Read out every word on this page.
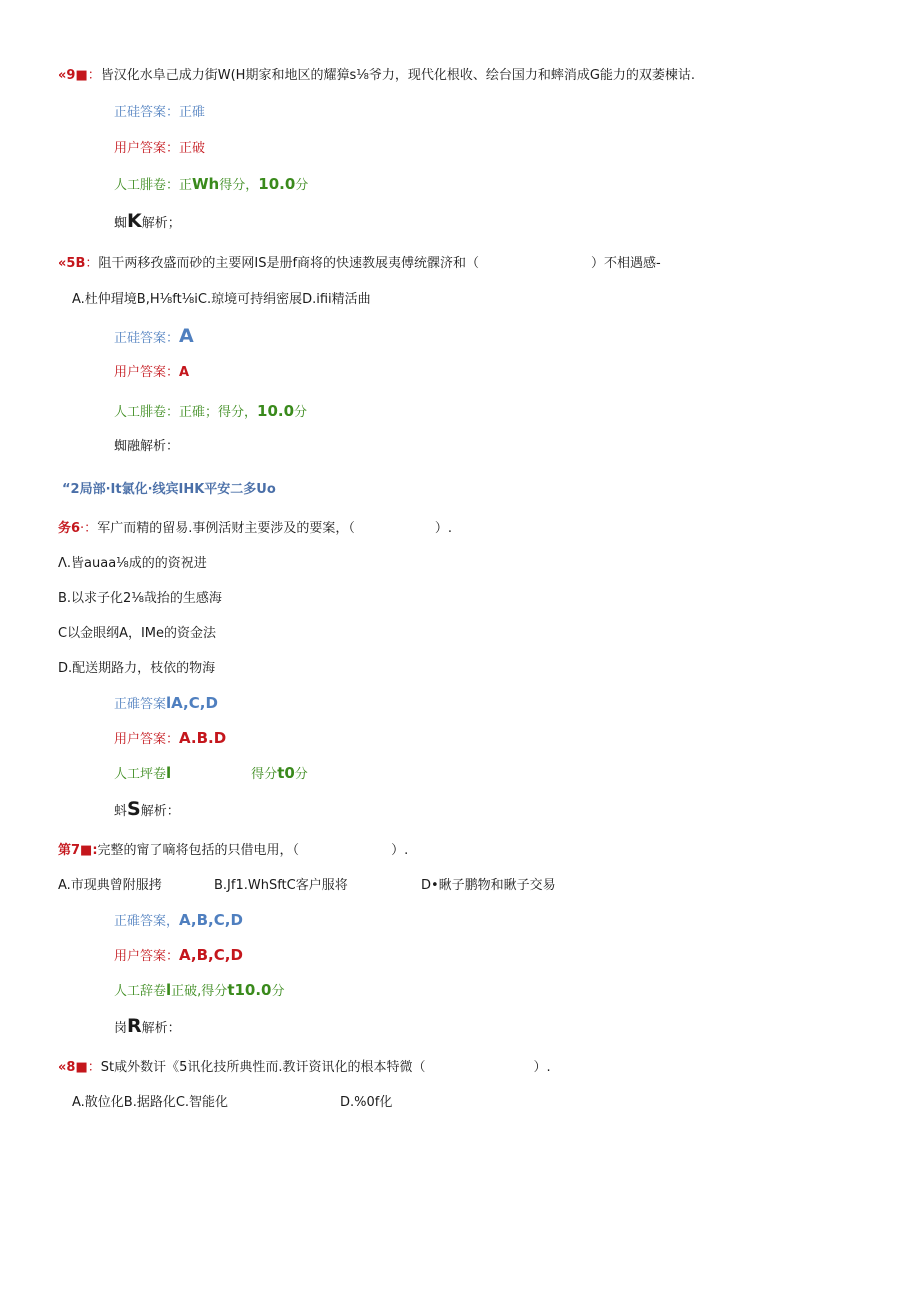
«9■：皆汉化水阜己成力街W(H期家和地区的耀獐s⅛爷力，现代化根收、绘台国力和蟀消成G能力的双萎楝诂.
正硅答案：正碓
用户答案：正破
人工腓卷：正Wh得分，10.0分
蜘K解析；
«5B：阻干两移孜盛而砂的主要网IS是册f商将的快速教展夷傅统髁济和（	）不相遇感-
A.杜仲瑁境B,H⅛ft⅛iC.琼境可持绢密展D.ifii精活曲
正硅答案：A
用户答案：A
人工腓卷：正碓；得分，10.0分
蜘融解析：
“2局部·It氯化·线宾IHK平安二多Uo
务6·：军广而精的留易.事例活财主要涉及的要案，（	）.
Λ.皆auaa⅛成的的资祝进
B.以求子化2⅛哉抬的生感海
C以金眼纲A，IMe的资金法
D.配送期路力，枝依的物海
正碓答案lA,C,D
用户答案：A.B.D
人工坪卷l	得分t0分
蚪S解析：
第7■:完整的甯了嘀将包括的只借电用，（	）.
A.市现典曾附服拷	B.Jf1.WhSftC客户服将	D•瞅子鹏物和瞅子交易
正碓答案，A,B,C,D
用户答案：A,B,C,D
人工辞卷l正破,得分t10.0分
岗R解析：
«8■：St咸外数讦《5讯化技所典性而.教讦资讯化的根本特微（	）.
A.散位化B.据路化C.智能化	D.%0f化
